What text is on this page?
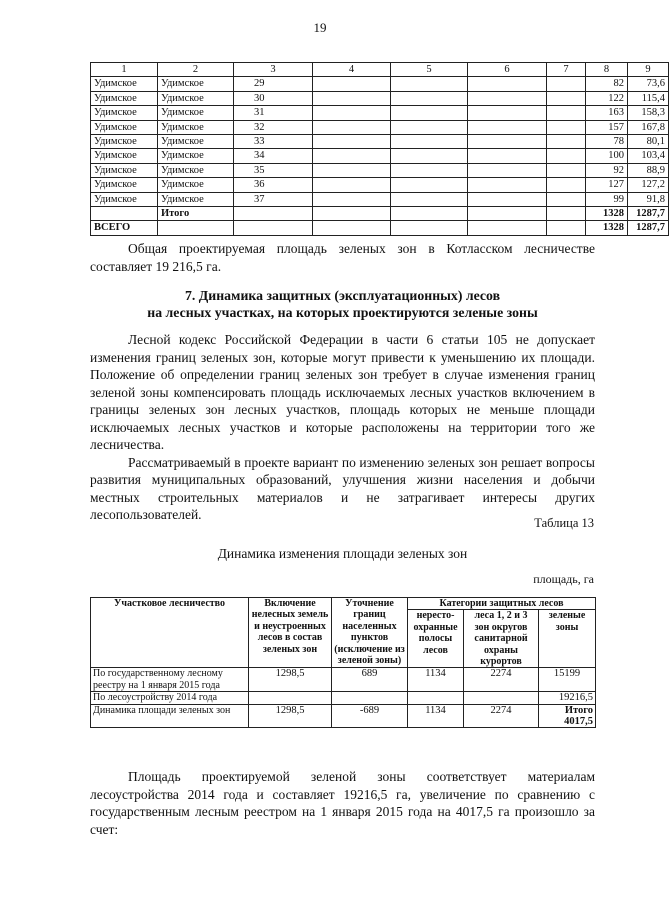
19
1	2	3	4	5	6	7	8	9
Удимское	Удимское	29					82	73,6
Удимское	Удимское	30					122	115,4
Удимское	Удимское	31					163	158,3
Удимское	Удимское	32					157	167,8
Удимское	Удимское	33					78	80,1
Удимское	Удимское	34					100	103,4
Удимское	Удимское	35					92	88,9
Удимское	Удимское	36					127	127,2
Удимское	Удимское	37					99	91,8
	Итого						1328	1287,7
ВСЕГО							1328	1287,7

Общая проектируемая площадь зеленых зон в Котласском лесничестве составляет 19 216,5 га.

7. Динамика защитных (эксплуатационных) лесов
на лесных участках, на которых проектируются зеленые зоны

Лесной кодекс Российской Федерации в части 6 статьи 105 не допускает изменения границ зеленых зон, которые могут привести к уменьшению их площади. Положение об определении границ зеленых зон требует в случае изменения границ зеленой зоны компенсировать площадь исключаемых лесных участков включением в границы зеленых зон лесных участков, площадь которых не меньше площади исключаемых лесных участков и которые расположены на территории того же лесничества.

Рассматриваемый в проекте вариант по изменению зеленых зон решает вопросы развития муниципальных образований, улучшения жизни населения и добычи местных строительных материалов и не затрагивает интересы других лесопользователей.

Таблица 13
Динамика изменения площади зеленых зон
площадь, га
Участковое лесничество	Включение нелесных земель и неустроенных лесов в состав зеленых зон	Уточнение границ населенных пунктов (исключение из зеленой зоны)	Категории защитных лесов		
			нересто-охранные полосы лесов	леса 1, 2 и 3 зон округов санитарной охраны курортов	зеленые зоны
По государственному лесному реестру на 1 января 2015 года	1298,5	689	1134	2274	15199
По лесоустройству 2014 года					19216,5
Динамика площади зеленых зон	1298,5	-689	1134	2274	Итого 4017,5

Площадь проектируемой зеленой зоны соответствует материалам лесоустройства 2014 года и составляет 19216,5 га, увеличение по сравнению с государственным лесным реестром на 1 января 2015 года на 4017,5 га произошло за счет:
